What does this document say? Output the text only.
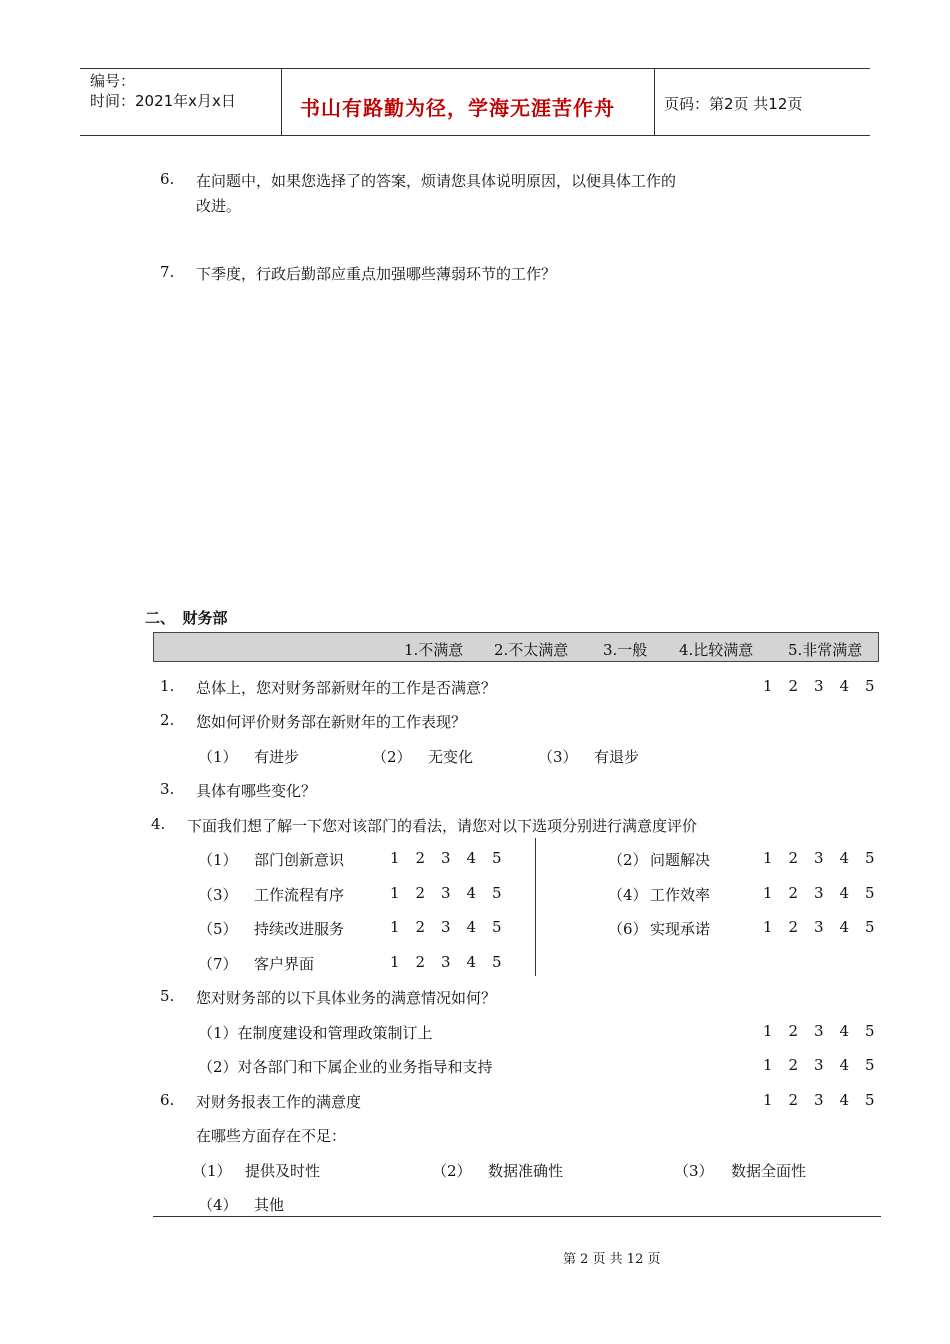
编号：
时间：2021年x月x日	书山有路勤为径，学海无涯苦作舟	页码：第2页 共12页
6. 在问题中，如果您选择了的答案，烦请您具体说明原因，以便具体工作的
改进。
7. 下季度，行政后勤部应重点加强哪些薄弱环节的工作？
二、　财务部
1.不满意 2.不太满意 3.一般 4.比较满意 5.非常满意
1. 总体上，您对财务部新财年的工作是否满意？	1 2 3 4 5
2. 您如何评价财务部在新财年的工作表现？
（1） 有进步	（2） 无变化	（3） 有退步
3. 具体有哪些变化？
4. 下面我们想了解一下您对该部门的看法，请您对以下选项分别进行满意度评价
（1） 部门创新意识	1 2 3 4 5
（3） 工作流程有序	1 2 3 4 5
（5） 持续改进服务	1 2 3 4 5
（7） 客户界面	1 2 3 4 5
（2） 问题解决	1 2 3 4 5
（4） 工作效率	1 2 3 4 5
（6） 实现承诺	1 2 3 4 5
5. 您对财务部的以下具体业务的满意情况如何？
（1）在制度建设和管理政策制订上	1 2 3 4 5
（2）对各部门和下属企业的业务指导和支持	1 2 3 4 5
6. 对财务报表工作的满意度	1 2 3 4 5
在哪些方面存在不足：
（1） 提供及时性	（2） 数据准确性	（3） 数据全面性
（4） 其他
第 2 页 共 12 页
